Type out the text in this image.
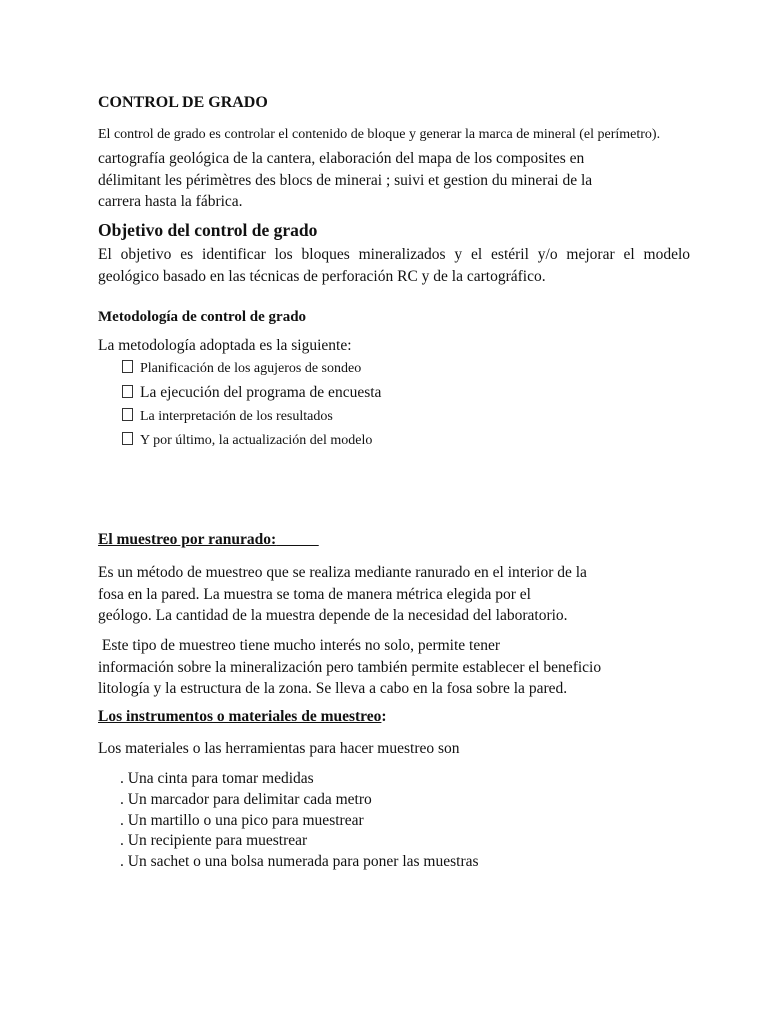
CONTROL DE GRADO
El control de grado es controlar el contenido de bloque y generar la marca de mineral (el perímetro).
cartografía geológica de la cantera, elaboración del mapa de los composites en
délimitant les périmètres des blocs de minerai ; suivi et gestion du minerai de la
carrera hasta la fábrica.
Objetivo del control de grado
El objetivo es identificar los bloques mineralizados y el estéril y/o mejorar el modelo geológico basado en las técnicas de perforación RC y de la cartográfico.
Metodología de control de grado
La metodología adoptada es la siguiente:
Planificación de los agujeros de sondeo
La ejecución del programa de encuesta
La interpretación de los resultados
Y por último, la actualización del modelo
El muestreo por ranurado:
Es un método de muestreo que se realiza mediante ranurado en el interior de la
fosa en la pared. La muestra se toma de manera métrica elegida por el
geólogo. La cantidad de la muestra depende de la necesidad del laboratorio.
Este tipo de muestreo tiene mucho interés no solo, permite tener
información sobre la mineralización pero también permite establecer el beneficio
litología y la estructura de la zona. Se lleva a cabo en la fosa sobre la pared.
Los instrumentos o materiales de muestreo:
Los materiales o las herramientas para hacer muestreo son
. Una cinta para tomar medidas
. Un marcador para delimitar cada metro
. Un martillo o una pico para muestrear
. Un recipiente para muestrear
. Un sachet o una bolsa numerada para poner las muestras
